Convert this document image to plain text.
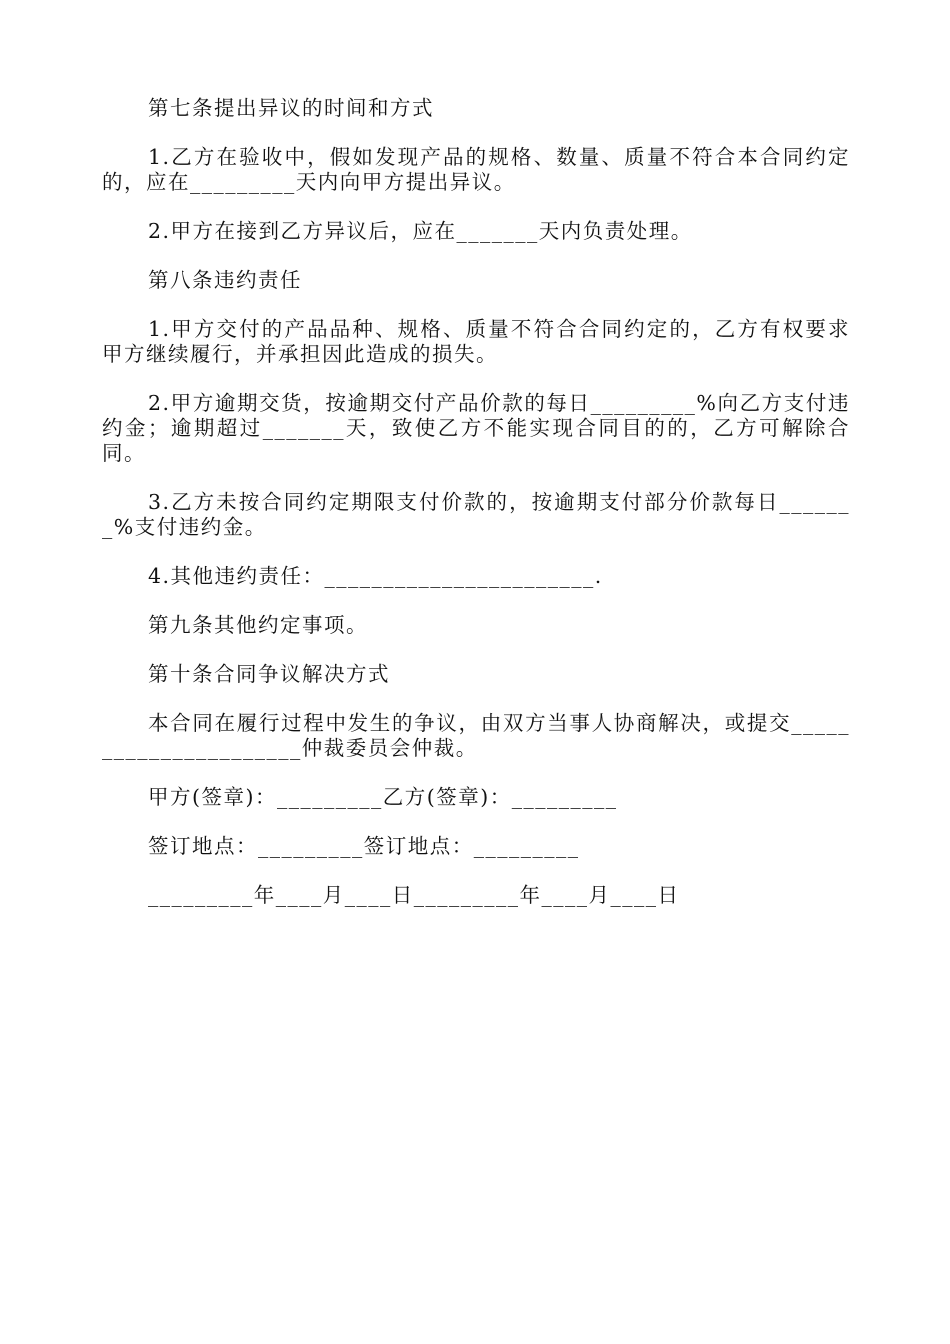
第七条提出异议的时间和方式

1.乙方在验收中，假如发现产品的规格、数量、质量不符合本合同约定的，应在_________天内向甲方提出异议。

2.甲方在接到乙方异议后，应在_______天内负责处理。

第八条违约责任

1.甲方交付的产品品种、规格、质量不符合合同约定的，乙方有权要求甲方继续履行，并承担因此造成的损失。

2.甲方逾期交货，按逾期交付产品价款的每日_________%向乙方支付违约金；逾期超过_______天，致使乙方不能实现合同目的的，乙方可解除合同。

3.乙方未按合同约定期限支付价款的，按逾期支付部分价款每日_______%支付违约金。

4.其他违约责任：_______________________.

第九条其他约定事项。

第十条合同争议解决方式

本合同在履行过程中发生的争议，由双方当事人协商解决，或提交______________________仲裁委员会仲裁。

甲方(签章)：_________乙方(签章)：_________

签订地点：_________签订地点：_________

_________年____月____日_________年____月____日
